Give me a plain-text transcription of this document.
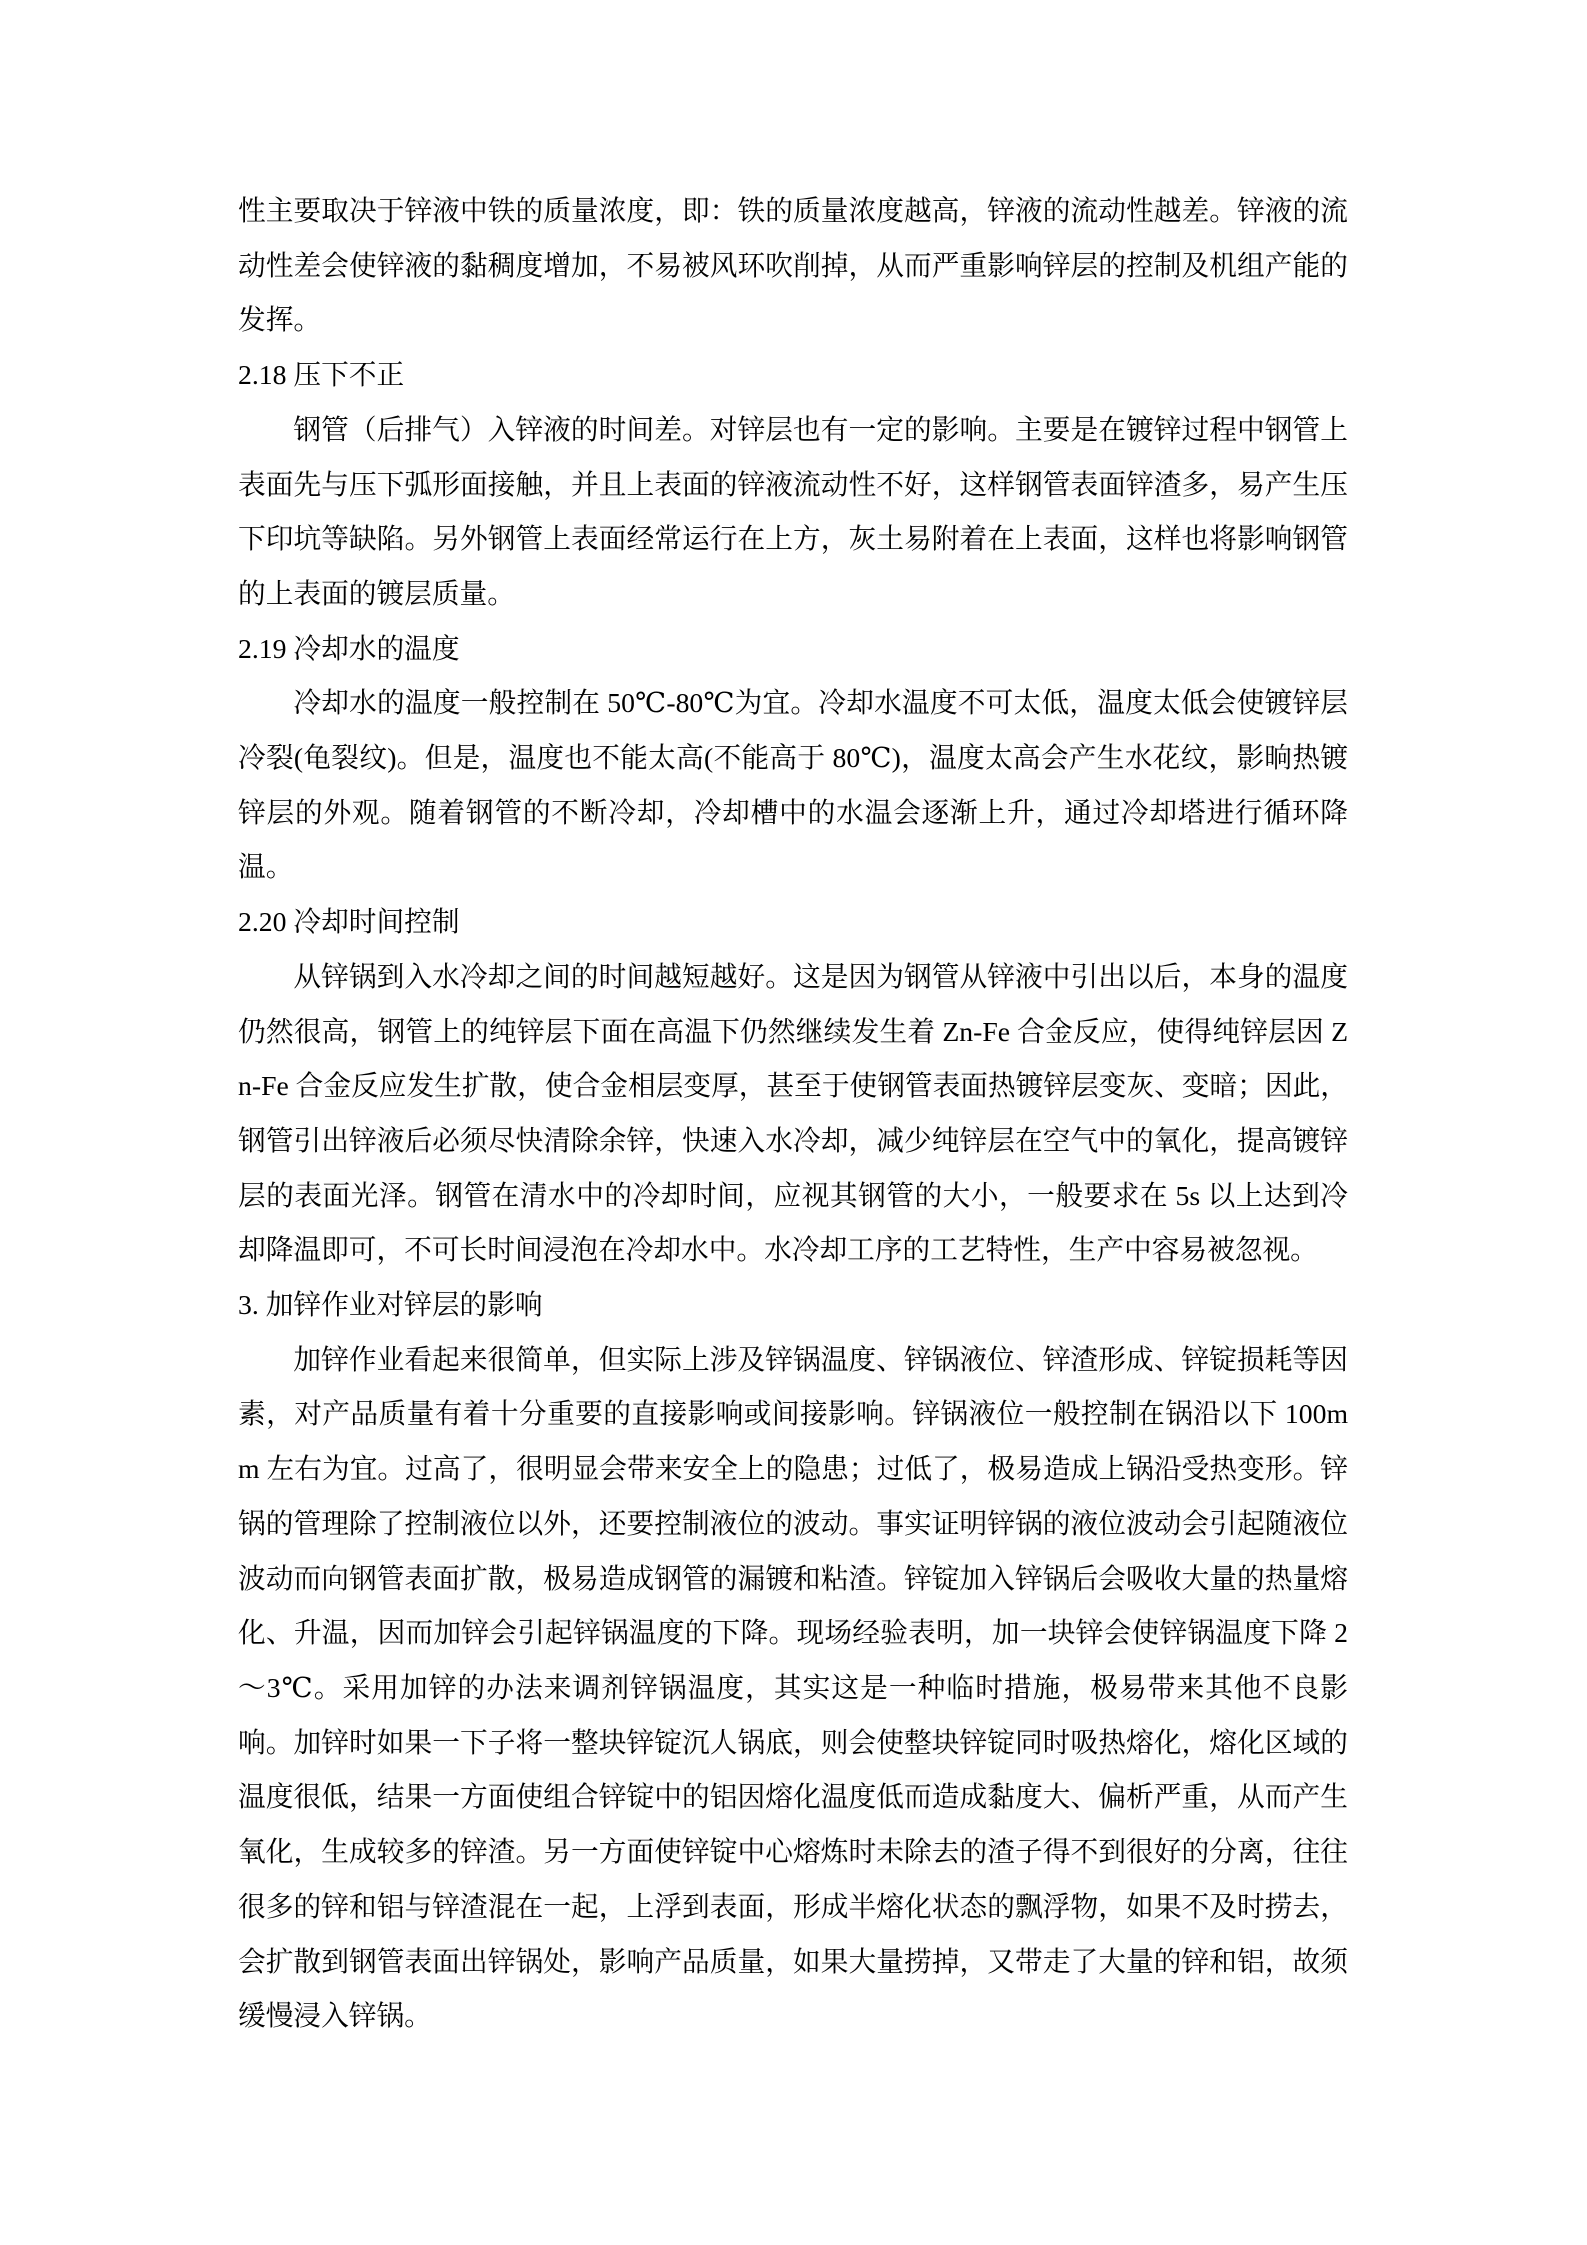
性主要取决于锌液中铁的质量浓度，即：铁的质量浓度越高，锌液的流动性越差。锌液的流动性差会使锌液的黏稠度增加，不易被风环吹削掉，从而严重影响锌层的控制及机组产能的发挥。

2.18 压下不正

钢管（后排气）入锌液的时间差。对锌层也有一定的影响。主要是在镀锌过程中钢管上表面先与压下弧形面接触，并且上表面的锌液流动性不好，这样钢管表面锌渣多，易产生压下印坑等缺陷。另外钢管上表面经常运行在上方，灰土易附着在上表面，这样也将影响钢管的上表面的镀层质量。

2.19 冷却水的温度

冷却水的温度一般控制在 50℃-80℃为宜。冷却水温度不可太低，温度太低会使镀锌层冷裂(龟裂纹)。但是，温度也不能太高(不能高于 80℃)，温度太高会产生水花纹，影晌热镀锌层的外观。随着钢管的不断冷却，冷却槽中的水温会逐渐上升，通过冷却塔进行循环降温。

2.20 冷却时间控制

从锌锅到入水冷却之间的时间越短越好。这是因为钢管从锌液中引出以后，本身的温度仍然很高，钢管上的纯锌层下面在高温下仍然继续发生着 Zn-Fe 合金反应，使得纯锌层因 Zn-Fe 合金反应发生扩散，使合金相层变厚，甚至于使钢管表面热镀锌层变灰、变暗；因此，钢管引出锌液后必须尽快清除余锌，快速入水冷却，减少纯锌层在空气中的氧化，提高镀锌层的表面光泽。钢管在清水中的冷却时间，应视其钢管的大小，一般要求在 5s 以上达到冷却降温即可，不可长时间浸泡在冷却水中。水冷却工序的工艺特性，生产中容易被忽视。

3. 加锌作业对锌层的影响

加锌作业看起来很简单，但实际上涉及锌锅温度、锌锅液位、锌渣形成、锌锭损耗等因素，对产品质量有着十分重要的直接影响或间接影响。锌锅液位一般控制在锅沿以下 100mm 左右为宜。过高了，很明显会带来安全上的隐患；过低了，极易造成上锅沿受热变形。锌锅的管理除了控制液位以外，还要控制液位的波动。事实证明锌锅的液位波动会引起随液位波动而向钢管表面扩散，极易造成钢管的漏镀和粘渣。锌锭加入锌锅后会吸收大量的热量熔化、升温，因而加锌会引起锌锅温度的下降。现场经验表明，加一块锌会使锌锅温度下降 2～3℃。采用加锌的办法来调剂锌锅温度，其实这是一种临时措施，极易带来其他不良影响。加锌时如果一下子将一整块锌锭沉人锅底，则会使整块锌锭同时吸热熔化，熔化区域的温度很低，结果一方面使组合锌锭中的铝因熔化温度低而造成黏度大、偏析严重，从而产生氧化，生成较多的锌渣。另一方面使锌锭中心熔炼时未除去的渣子得不到很好的分离，往往很多的锌和铝与锌渣混在一起，上浮到表面，形成半熔化状态的飘浮物，如果不及时捞去，会扩散到钢管表面出锌锅处，影响产品质量，如果大量捞掉，又带走了大量的锌和铝，故须缓慢浸入锌锅。
